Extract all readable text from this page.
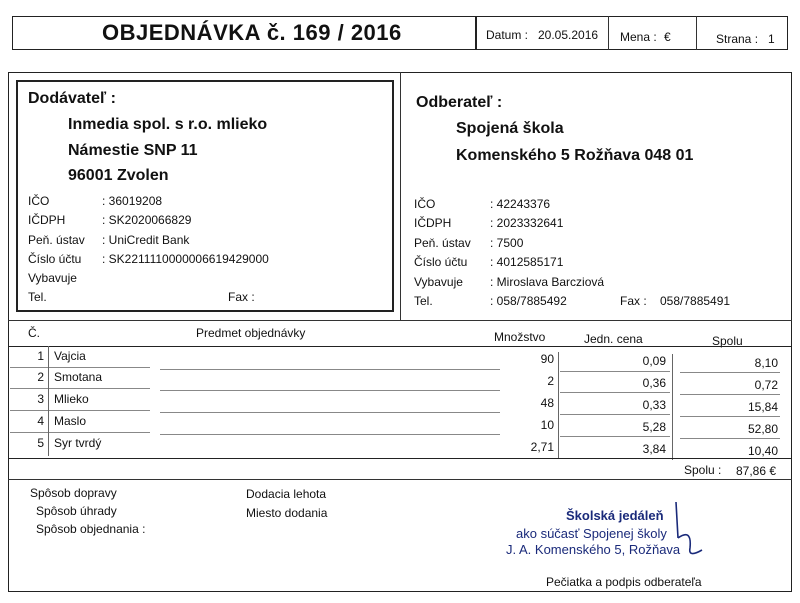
OBJEDNÁVKA č. 169 / 2016	Datum : 20.05.2016 Mena : €	Strana : 1
Dodávateľ :
Inmedia spol. s r.o. mlieko
Námestie SNP 11
96001 Zvolen
IČO	: 36019208
IČDPH	: SK2020066829
Peň. ústav : UniCredit Bank
Číslo účtu : SK2211110000006619429000
Vybavuje
Tel.	Fax :
Odberateľ :
Spojená škola
Komenského 5 Rožňava 048 01
IČO	: 42243376
IČDPH	: 2023332641
Peň. ústav : 7500
Číslo účtu : 4012585171
Vybavuje : Miroslava Barcziová
Tel.	: 058/7885492	Fax : 058/7885491
Č.	Predmet objednávky	Množstvo	Jedn. cena	Spolu
1 Vajcia	90	0,09	8,10
2 Smotana	2	0,36	0,72
3 Mlieko	48	0,33	15,84
4 Maslo	10	5,28	52,80
5 Syr tvrdý	2,71	3,84	10,40
Spolu : 87,86 €
Spôsob dopravy
Spôsob úhrady
Spôsob objednania :
Dodacia lehota
Miesto dodania	Školská jedáleň
ako súčasť Spojenej školy
J. A. Komenského 5, Rožňava
Pečiatka a podpis odberateľa
